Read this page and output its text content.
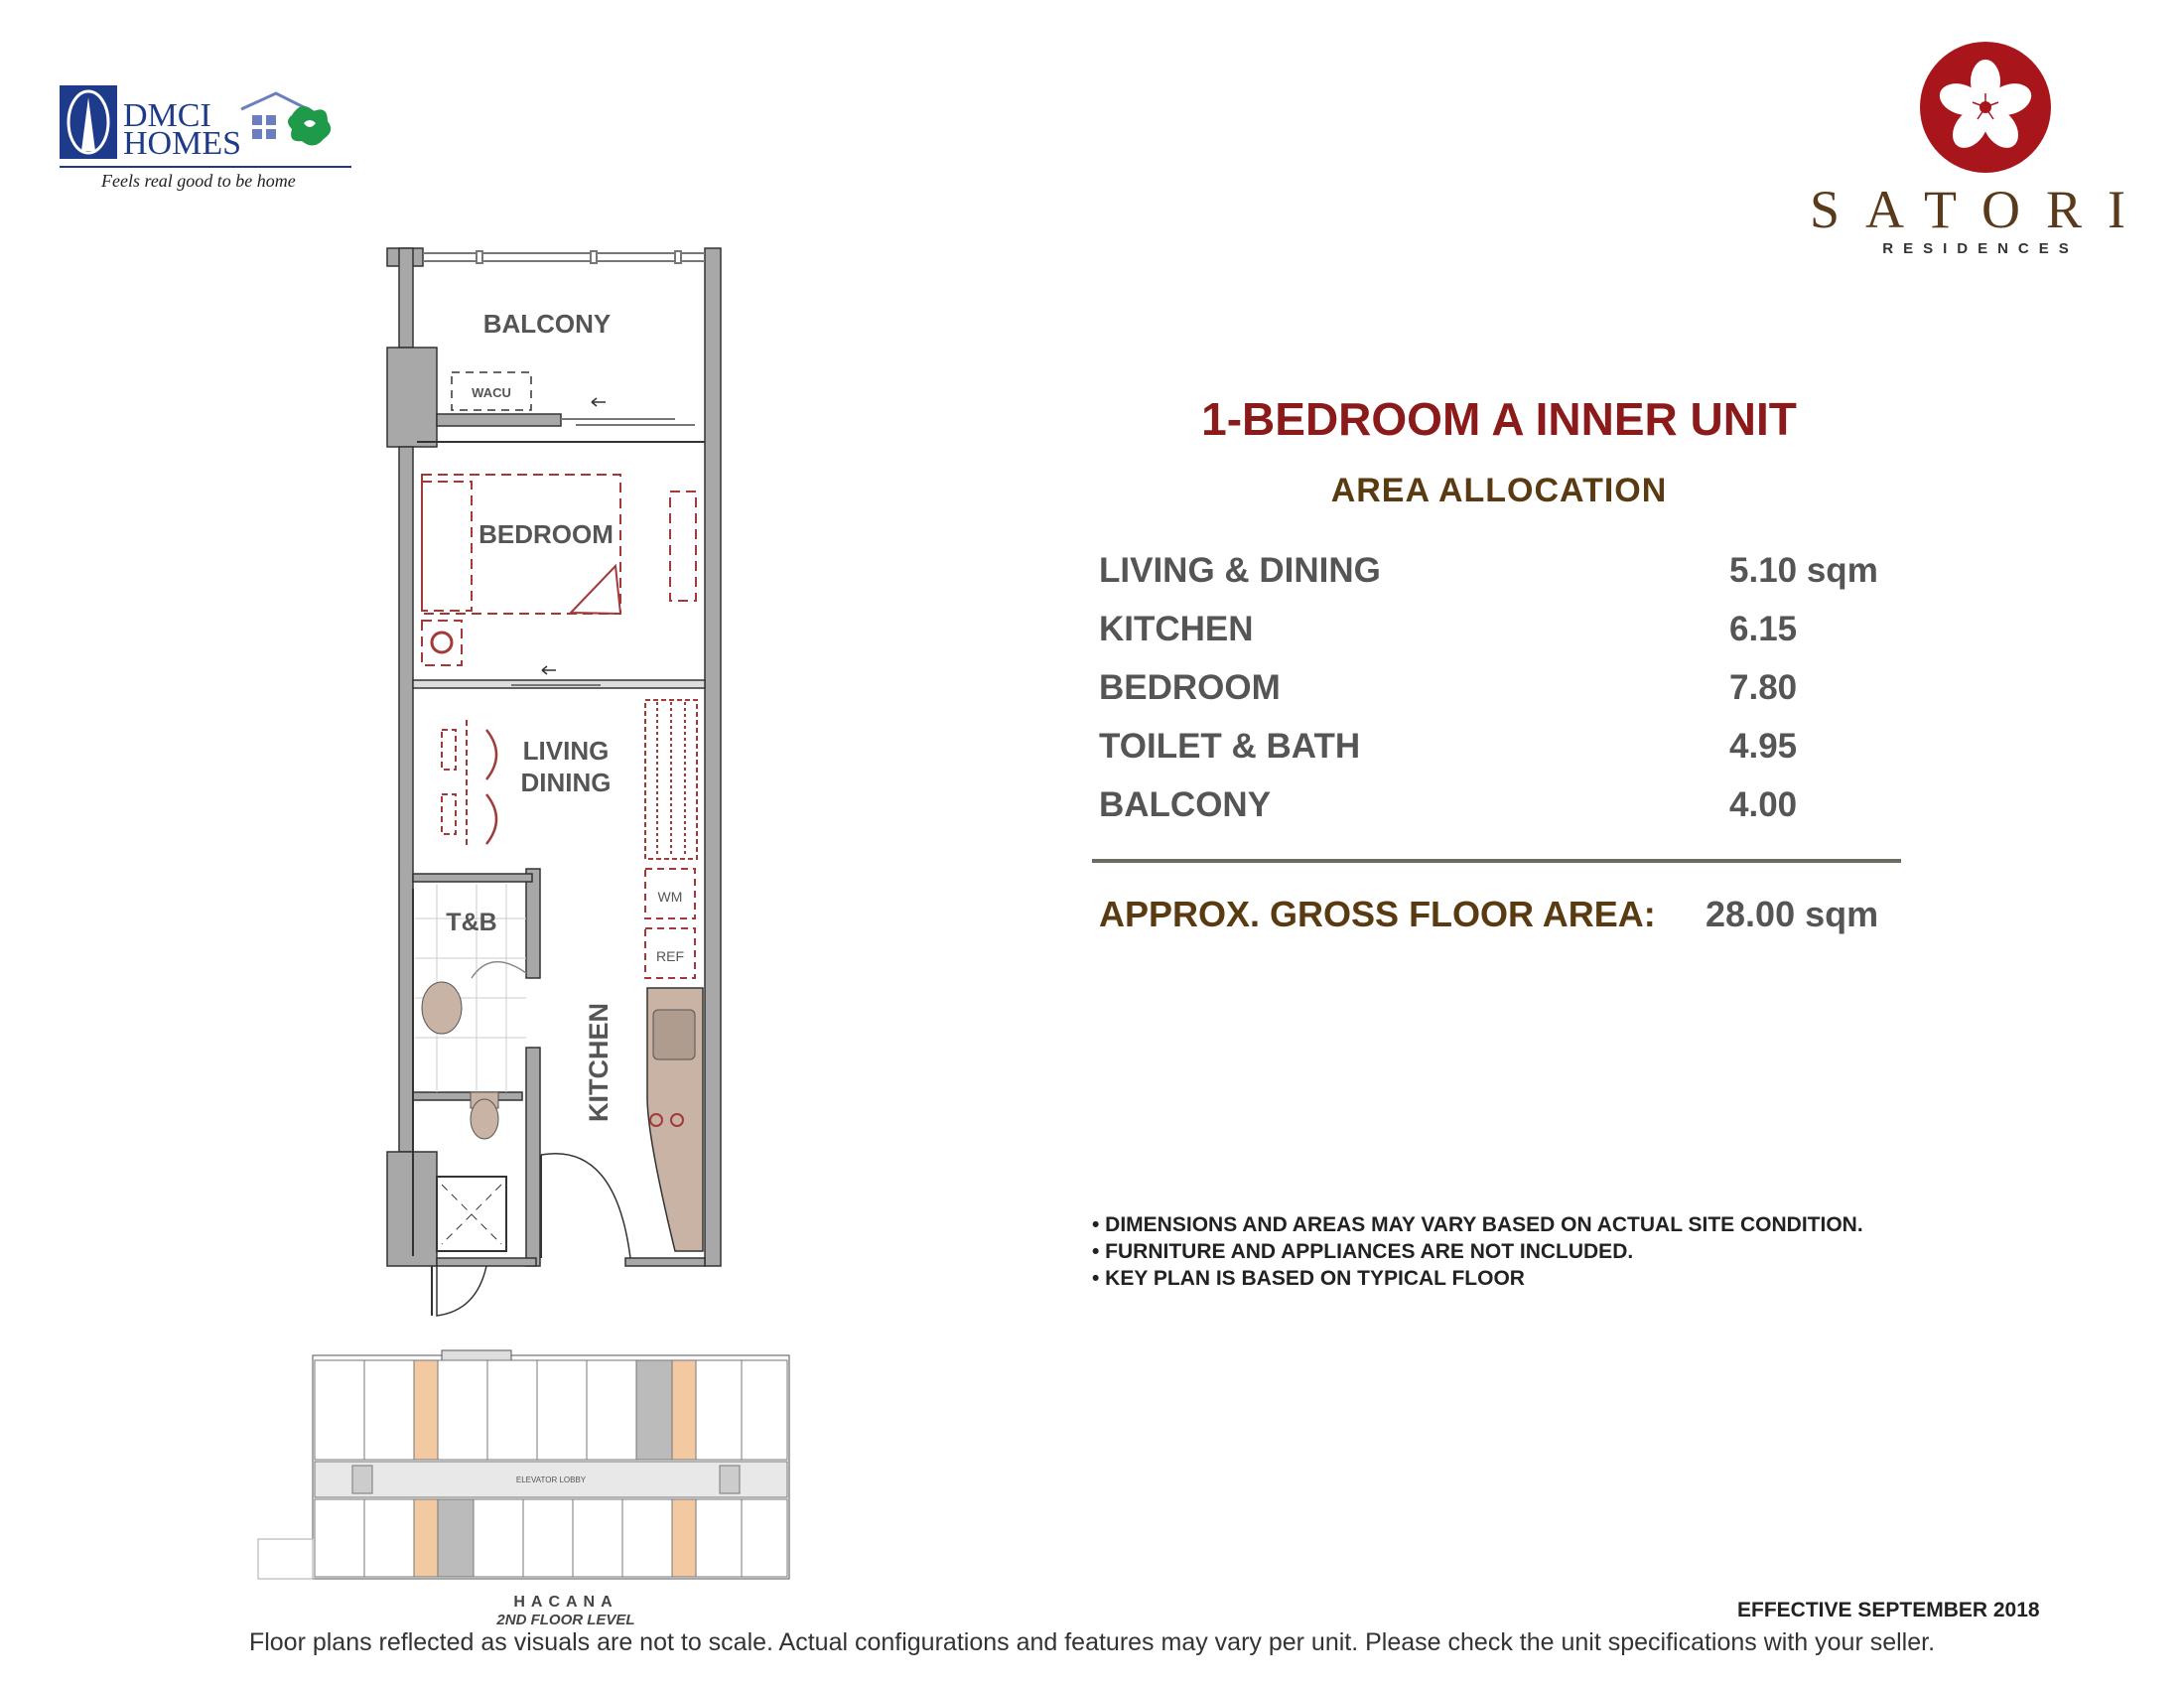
DMCI
HOMES
Feels real good to be home	SATORI
RESIDENCES
BALCONY
WACU
BEDROOM
LIVING
DINING
T&B
WM
REF
KITCHEN
ELEVATOR LOBBY
HACANA
2ND FLOOR LEVEL
1-BEDROOM A INNER UNIT
AREA ALLOCATION
LIVING & DINING	5.10 sqm
KITCHEN	6.15
BEDROOM	7.80
TOILET & BATH	4.95
BALCONY	4.00
APPROX. GROSS FLOOR AREA: 28.00 sqm
• DIMENSIONS AND AREAS MAY VARY BASED ON ACTUAL SITE CONDITION.
• FURNITURE AND APPLIANCES ARE NOT INCLUDED.
• KEY PLAN IS BASED ON TYPICAL FLOOR
EFFECTIVE SEPTEMBER 2018
Floor plans reflected as visuals are not to scale. Actual configurations and features may vary per unit. Please check the unit specifications with your seller.
